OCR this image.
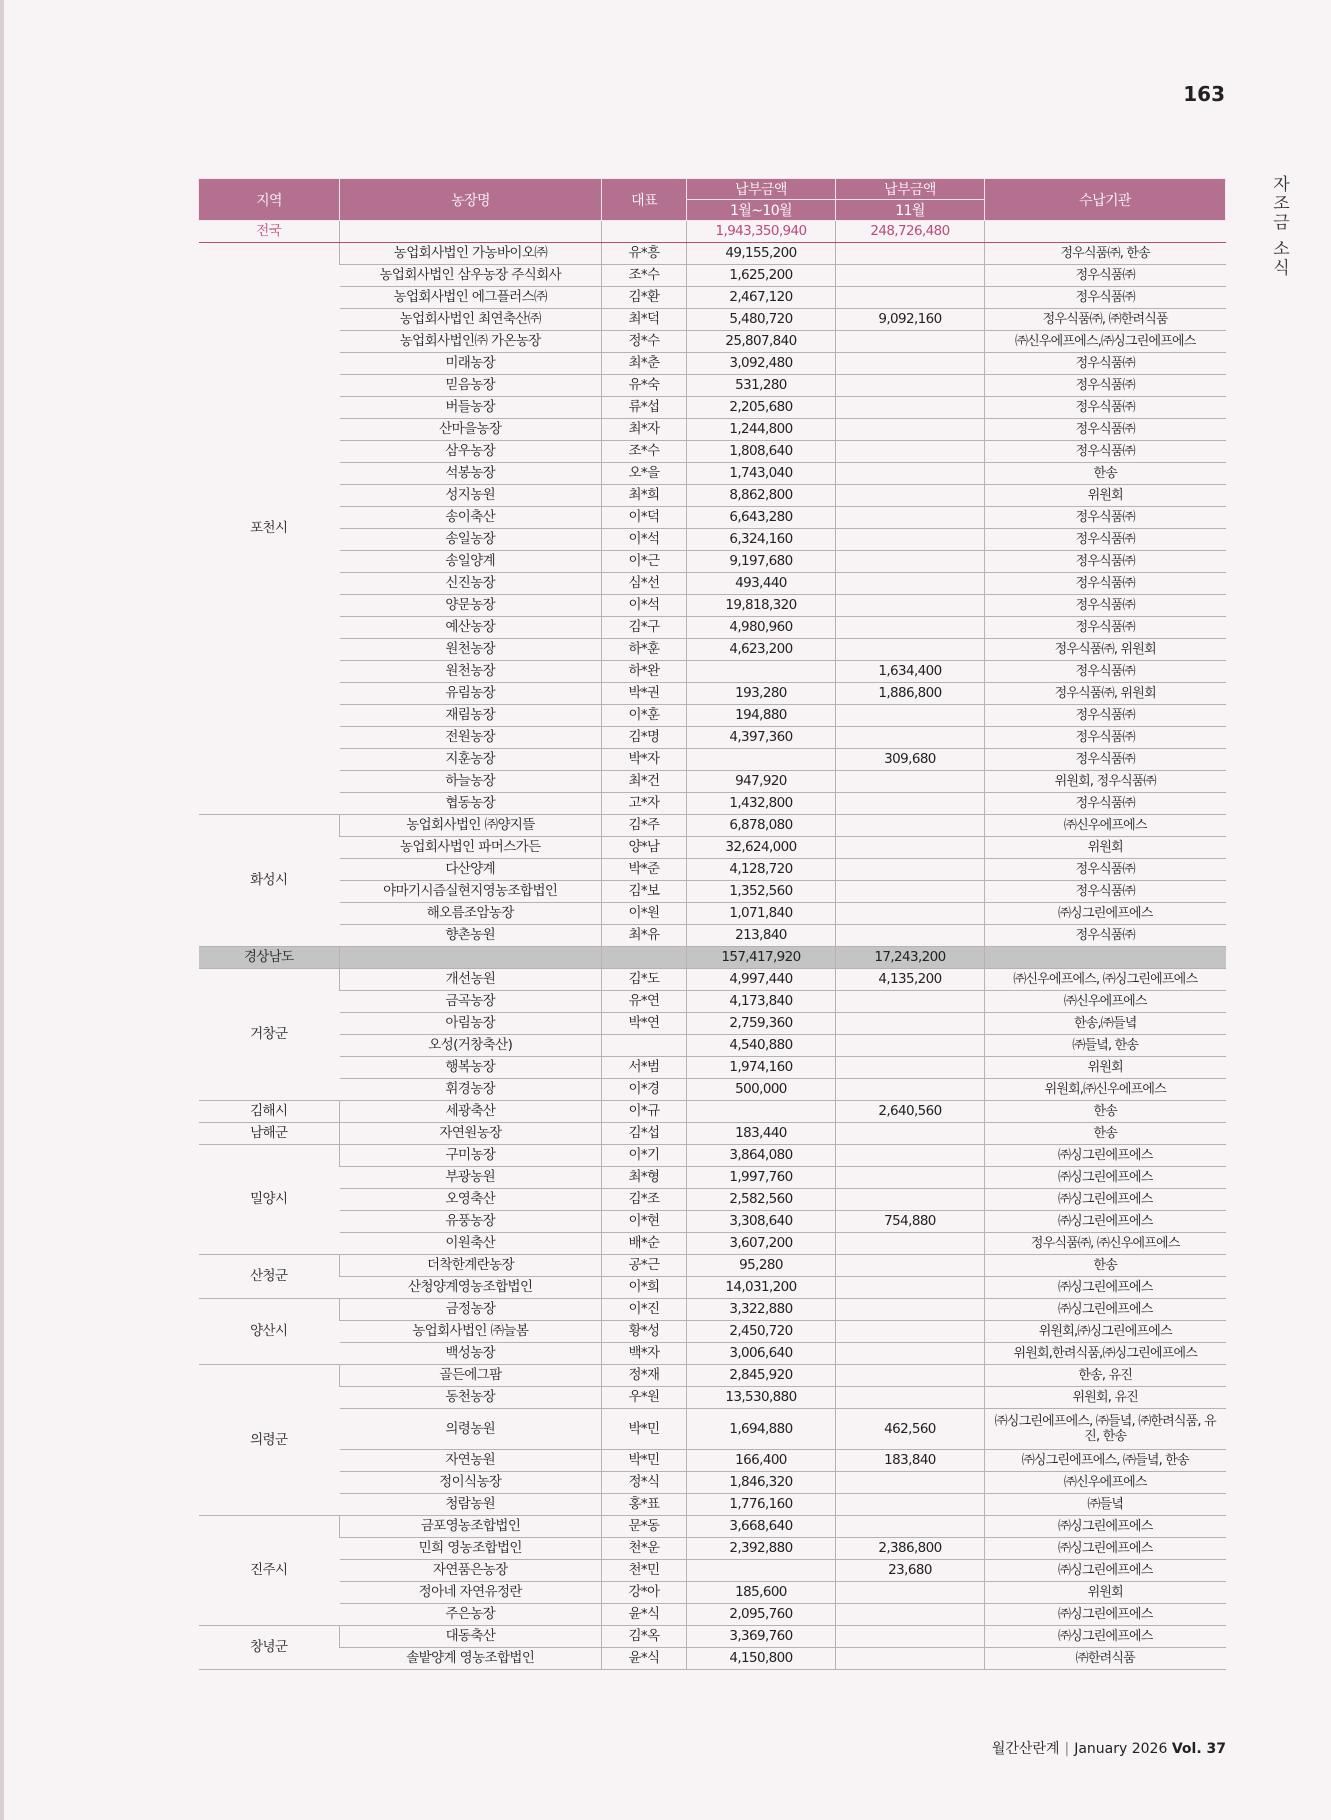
163
자조금 소식
지역	농장명	대표	납부금액	납부금액	수납기관
			1월~10월	11월	
전국			1,943,350,940	248,726,480	
포천시	농업회사법인 가농바이오㈜	유*흥	49,155,200		정우식품㈜, 한송
	농업회사법인 삼우농장 주식회사	조*수	1,625,200		정우식품㈜
	농업회사법인 에그플러스㈜	김*환	2,467,120		정우식품㈜
	농업회사법인 최연축산㈜	최*덕	5,480,720	9,092,160	정우식품㈜, ㈜한려식품
	농업회사법인㈜ 가온농장	정*수	25,807,840		㈜신우에프에스,㈜싱그린에프에스
	미래농장	최*춘	3,092,480		정우식품㈜
	믿음농장	유*숙	531,280		정우식품㈜
	버들농장	류*섭	2,205,680		정우식품㈜
	산마을농장	최*자	1,244,800		정우식품㈜
	삼우농장	조*수	1,808,640		정우식품㈜
	석봉농장	오*을	1,743,040		한송
	성지농원	최*희	8,862,800		위원회
	송이축산	이*덕	6,643,280		정우식품㈜
	송일농장	이*석	6,324,160		정우식품㈜
	송일양계	이*근	9,197,680		정우식품㈜
	신진농장	심*선	493,440		정우식품㈜
	양문농장	이*석	19,818,320		정우식품㈜
	예산농장	김*구	4,980,960		정우식품㈜
	원천농장	하*훈	4,623,200		정우식품㈜, 위원회
	원천농장	하*완		1,634,400	정우식품㈜
	유림농장	박*권	193,280	1,886,800	정우식품㈜, 위원회
	재림농장	이*훈	194,880		정우식품㈜
	전원농장	김*명	4,397,360		정우식품㈜
	지훈농장	박*자		309,680	정우식품㈜
	하늘농장	최*건	947,920		위원회, 정우식품㈜
	협동농장	고*자	1,432,800		정우식품㈜
화성시	농업회사법인 ㈜양지뜰	김*주	6,878,080		㈜신우에프에스
	농업회사법인 파머스가든	양*남	32,624,000		위원회
	다산양계	박*준	4,128,720		정우식품㈜
	야마기시즘실현지영농조합법인	김*보	1,352,560		정우식품㈜
	해오름조암농장	이*원	1,071,840		㈜싱그린에프에스
	향촌농원	최*유	213,840		정우식품㈜
경상남도			157,417,920	17,243,200	
거창군	개선농원	김*도	4,997,440	4,135,200	㈜신우에프에스, ㈜싱그린에프에스
	금곡농장	유*연	4,173,840		㈜신우에프에스
	아림농장	박*연	2,759,360		한송,㈜들녘
	오성(거창축산)		4,540,880		㈜들녘, 한송
	행복농장	서*범	1,974,160		위원회
	휘경농장	이*경	500,000		위원회,㈜신우에프에스
김해시	세광축산	이*규		2,640,560	한송
남해군	자연원농장	김*섭	183,440		한송
밀양시	구미농장	이*기	3,864,080		㈜싱그린에프에스
	부광농원	최*형	1,997,760		㈜싱그린에프에스
	오영축산	김*조	2,582,560		㈜싱그린에프에스
	유풍농장	이*현	3,308,640	754,880	㈜싱그린에프에스
	이원축산	배*순	3,607,200		정우식품㈜, ㈜신우에프에스
산청군	더착한계란농장	공*근	95,280		한송
	산청양계영농조합법인	이*희	14,031,200		㈜싱그린에프에스
양산시	금정농장	이*진	3,322,880		㈜싱그린에프에스
	농업회사법인 ㈜늘봄	황*성	2,450,720		위원회,㈜싱그린에프에스
	백성농장	백*자	3,006,640		위원회,한려식품,㈜싱그린에프에스
의령군	골든에그팜	정*재	2,845,920		한송, 유진
	동천농장	우*원	13,530,880		위원회, 유진
	의령농원	박*민	1,694,880	462,560	㈜싱그린에프에스, ㈜들녘, ㈜한려식품, 유진, 한송
	자연농원	박*민	166,400	183,840	㈜싱그린에프에스, ㈜들녘, 한송
	정이식농장	정*식	1,846,320		㈜신우에프에스
	청람농원	홍*표	1,776,160		㈜들녘
진주시	금포영농조합법인	문*동	3,668,640		㈜싱그린에프에스
	민희 영농조합법인	천*운	2,392,880	2,386,800	㈜싱그린에프에스
	자연품은농장	천*민		23,680	㈜싱그린에프에스
	정아네 자연유정란	강*아	185,600		위원회
	주은농장	윤*식	2,095,760		㈜싱그린에프에스
창녕군	대동축산	김*옥	3,369,760		㈜싱그린에프에스
	솔밭양계 영농조합법인	윤*식	4,150,800		㈜한려식품
월간산란계 | January 2026 Vol. 37
